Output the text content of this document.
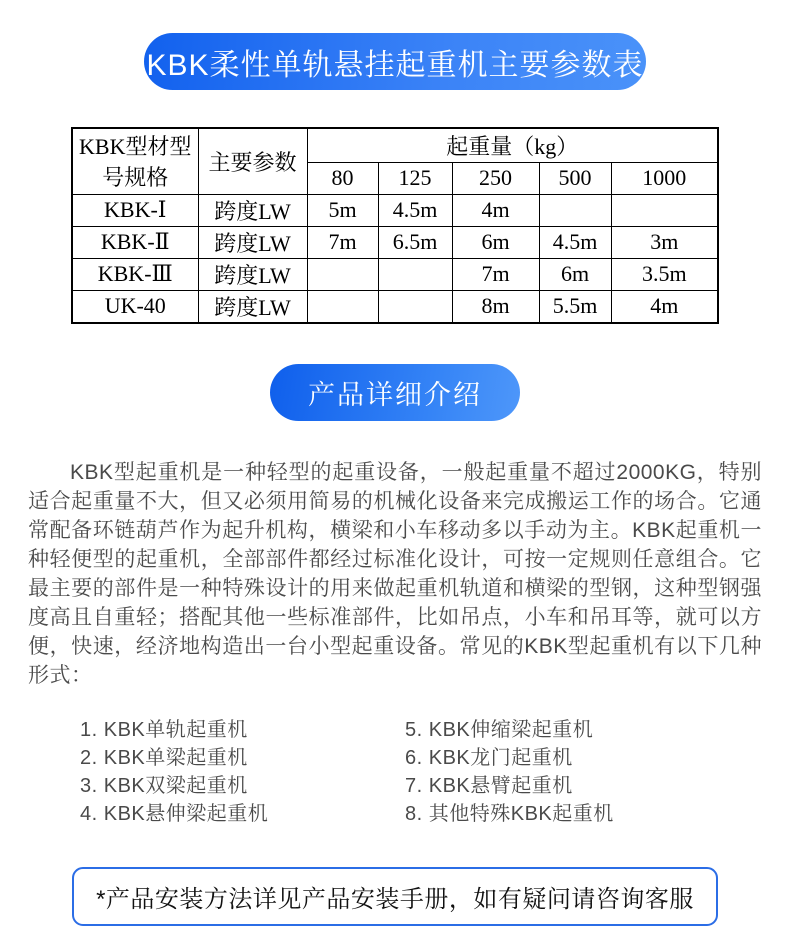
KBK柔性单轨悬挂起重机主要参数表
KBK型材型号规格	主要参数	起重量（kg）				
		80	125	250	500	1000
KBK-Ⅰ	跨度LW	5m	4.5m	4m		
KBK-Ⅱ	跨度LW	7m	6.5m	6m	4.5m	3m
KBK-Ⅲ	跨度LW			7m	6m	3.5m
UK-40	跨度LW			8m	5.5m	4m
产品详细介绍

KBK型起重机是一种轻型的起重设备，一般起重量不超过2000KG，特别适合起重量不大，但又必须用简易的机械化设备来完成搬运工作的场合。它通常配备环链葫芦作为起升机构，横梁和小车移动多以手动为主。KBK起重机一种轻便型的起重机，全部部件都经过标准化设计，可按一定规则任意组合。它最主要的部件是一种特殊设计的用来做起重机轨道和横梁的型钢，这种型钢强度高且自重轻；搭配其他一些标准部件，比如吊点，小车和吊耳等，就可以方便，快速，经济地构造出一台小型起重设备。常见的KBK型起重机有以下几种形式：

1. KBK单轨起重机
2. KBK单梁起重机
3. KBK双梁起重机
4. KBK悬伸梁起重机
5. KBK伸缩梁起重机
6. KBK龙门起重机
7. KBK悬臂起重机
8. 其他特殊KBK起重机
*产品安装方法详见产品安装手册，如有疑问请咨询客服
